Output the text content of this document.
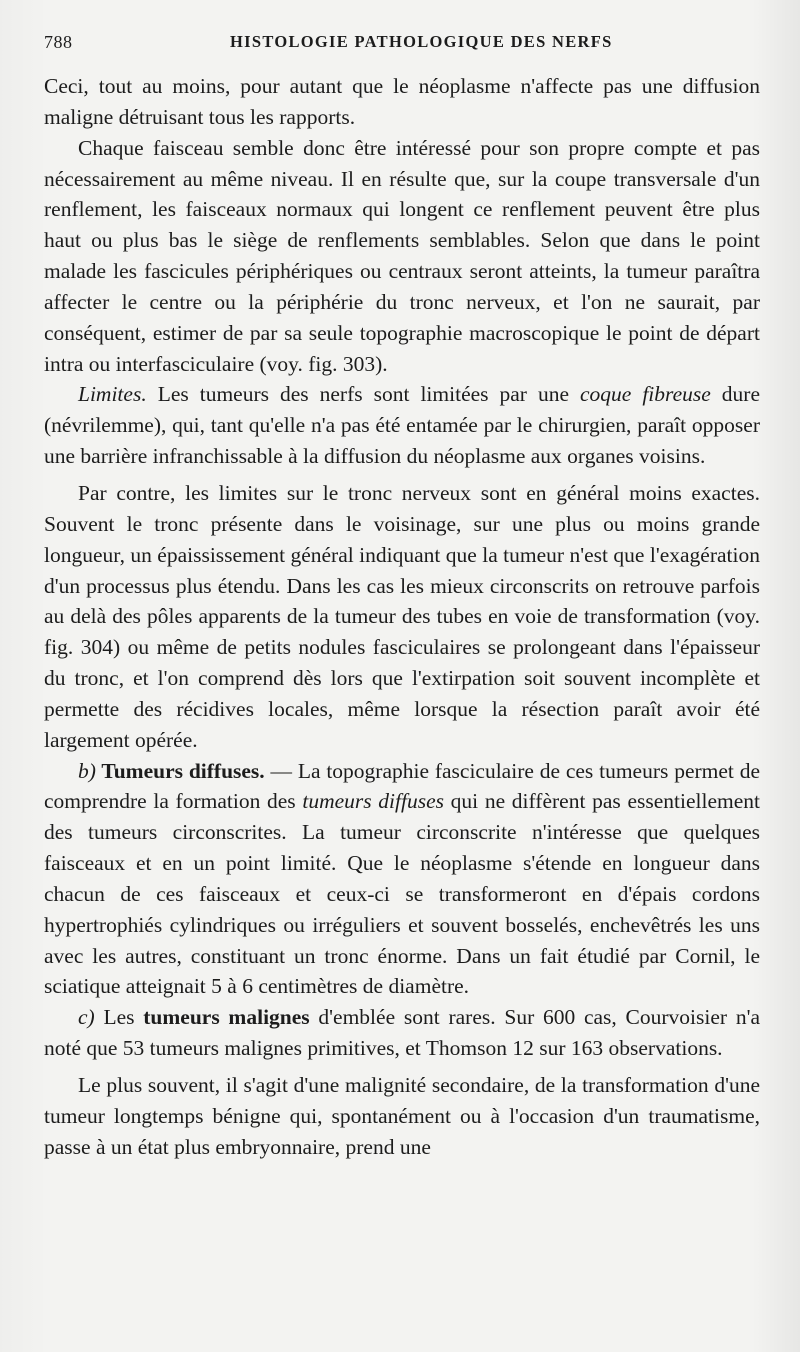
788	HISTOLOGIE PATHOLOGIQUE DES NERFS

Ceci, tout au moins, pour autant que le néoplasme n'affecte pas une diffusion maligne détruisant tous les rapports.

Chaque faisceau semble donc être intéressé pour son propre compte et pas nécessairement au même niveau. Il en résulte que, sur la coupe transversale d'un renflement, les faisceaux normaux qui longent ce renflement peuvent être plus haut ou plus bas le siège de renflements semblables. Selon que dans le point malade les fascicules périphériques ou centraux seront atteints, la tumeur paraîtra affecter le centre ou la périphérie du tronc nerveux, et l'on ne saurait, par conséquent, estimer de par sa seule topographie macroscopique le point de départ intra ou interfasciculaire (voy. fig. 303).

Limites. Les tumeurs des nerfs sont limitées par une coque fibreuse dure (névrilemme), qui, tant qu'elle n'a pas été entamée par le chirurgien, paraît opposer une barrière infranchissable à la diffusion du néoplasme aux organes voisins.

Par contre, les limites sur le tronc nerveux sont en général moins exactes. Souvent le tronc présente dans le voisinage, sur une plus ou moins grande longueur, un épaississement général indiquant que la tumeur n'est que l'exagération d'un processus plus étendu. Dans les cas les mieux circonscrits on retrouve parfois au delà des pôles apparents de la tumeur des tubes en voie de transformation (voy. fig. 304) ou même de petits nodules fasciculaires se prolongeant dans l'épaisseur du tronc, et l'on comprend dès lors que l'extirpation soit souvent incomplète et permette des récidives locales, même lorsque la résection paraît avoir été largement opérée.

b) Tumeurs diffuses. — La topographie fasciculaire de ces tumeurs permet de comprendre la formation des tumeurs diffuses qui ne diffèrent pas essentiellement des tumeurs circonscrites. La tumeur circonscrite n'intéresse que quelques faisceaux et en un point limité. Que le néoplasme s'étende en longueur dans chacun de ces faisceaux et ceux-ci se transformeront en d'épais cordons hypertrophiés cylindriques ou irréguliers et souvent bosselés, enchevêtrés les uns avec les autres, constituant un tronc énorme. Dans un fait étudié par Cornil, le sciatique atteignait 5 à 6 centimètres de diamètre.

c) Les tumeurs malignes d'emblée sont rares. Sur 600 cas, Courvoisier n'a noté que 53 tumeurs malignes primitives, et Thomson 12 sur 163 observations.

Le plus souvent, il s'agit d'une malignité secondaire, de la transformation d'une tumeur longtemps bénigne qui, spontanément ou à l'occasion d'un traumatisme, passe à un état plus embryonnaire, prend une
